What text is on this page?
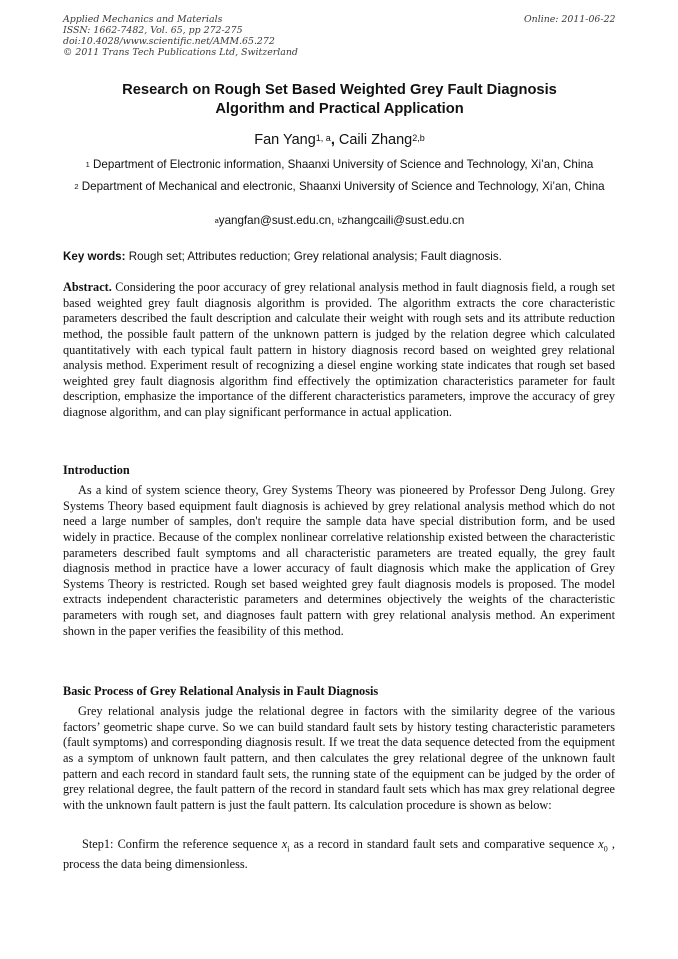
Applied Mechanics and Materials
ISSN: 1662-7482, Vol. 65, pp 272-275
doi:10.4028/www.scientific.net/AMM.65.272
© 2011 Trans Tech Publications Ltd, Switzerland
Online: 2011-06-22
Research on Rough Set Based Weighted Grey Fault Diagnosis
Algorithm and Practical Application
Fan Yang$^{1, a}$, Caili Zhang$^{2,b}$
$^1$ Department of Electronic information, Shaanxi University of Science and Technology, Xi’an, China
$^2$ Department of Mechanical and electronic, Shaanxi University of Science and Technology, Xi’an, China
$^a$yangfan@sust.edu.cn, $^b$zhangcaili@sust.edu.cn
Key words: Rough set; Attributes reduction; Grey relational analysis; Fault diagnosis.
Abstract. Considering the poor accuracy of grey relational analysis method in fault diagnosis field, a rough set based weighted grey fault diagnosis algorithm is provided. The algorithm extracts the core characteristic parameters described the fault description and calculate their weight with rough sets and its attribute reduction method, the possible fault pattern of the unknown pattern is judged by the relation degree which calculated quantitatively with each typical fault pattern in history diagnosis record based on weighted grey relational analysis method. Experiment result of recognizing a diesel engine working state indicates that rough set based weighted grey fault diagnosis algorithm find effectively the optimization characteristics parameter for fault description, emphasize the importance of the different characteristics parameters, improve the accuracy of grey diagnose algorithm, and can play significant performance in actual application.
Introduction
As a kind of system science theory, Grey Systems Theory was pioneered by Professor Deng Julong. Grey Systems Theory based equipment fault diagnosis is achieved by grey relational analysis method which do not need a large number of samples, don't require the sample data have special distribution form, and be used widely in practice. Because of the complex nonlinear correlative relationship existed between the characteristic parameters described fault symptoms and all characteristic parameters are treated equally, the grey fault diagnosis method in practice have a lower accuracy of fault diagnosis which make the application of Grey Systems Theory is restricted. Rough set based weighted grey fault diagnosis models is proposed. The model extracts independent characteristic parameters and determines objectively the weights of the characteristic parameters with rough set, and diagnoses fault pattern with grey relational analysis method. An experiment shown in the paper verifies the feasibility of this method.
Basic Process of Grey Relational Analysis in Fault Diagnosis
Grey relational analysis judge the relational degree in factors with the similarity degree of the various factors’ geometric shape curve. So we can build standard fault sets by history testing characteristic parameters (fault symptoms) and corresponding diagnosis result. If we treat the data sequence detected from the equipment as a symptom of unknown fault pattern, and then calculates the grey relational degree of the unknown fault pattern and each record in standard fault sets, the running state of the equipment can be judged by the order of grey relational degree, the fault pattern of the record in standard fault sets which has max grey relational degree with the unknown fault pattern is just the fault pattern. Its calculation procedure is shown as below:
Step1: Confirm the reference sequence $x_i$ as a record in standard fault sets and comparative sequence $x_0$ , process the data being dimensionless.
